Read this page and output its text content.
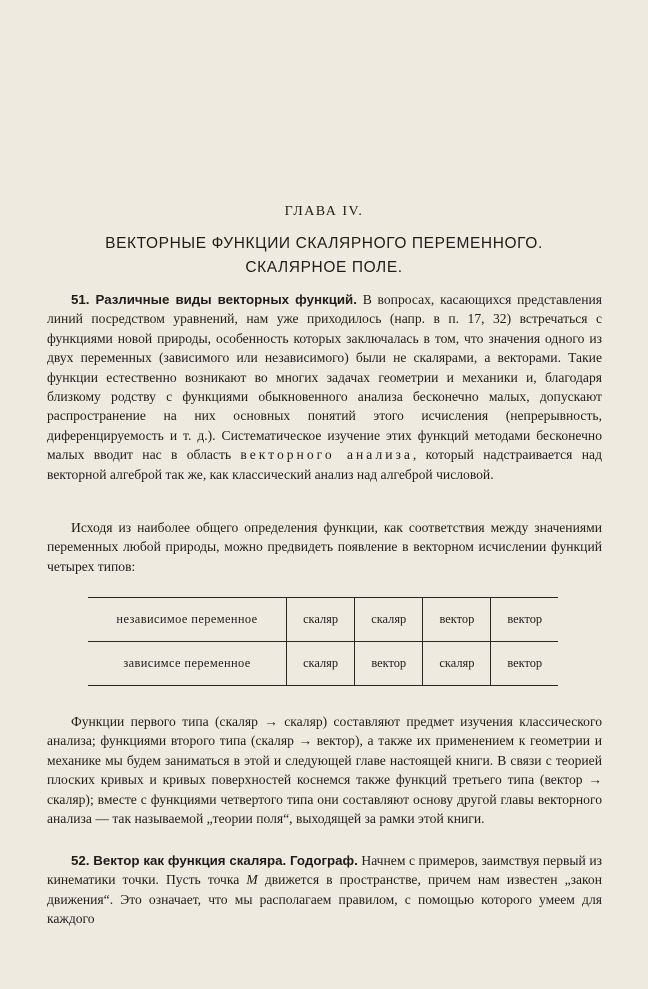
ГЛАВА IV.
ВЕКТОРНЫЕ ФУНКЦИИ СКАЛЯРНОГО ПЕРЕМЕННОГО.
СКАЛЯРНОЕ ПОЛЕ.

51. Различные виды векторных функций. В вопросах, касающихся представления линий посредством уравнений, нам уже приходилось (напр. в п. 17, 32) встречаться с функциями новой природы, особенность которых заключалась в том, что значения одного из двух переменных (зависимого или независимого) были не скалярами, а векторами. Такие функции естественно возникают во многих задачах геометрии и механики и, благодаря близкому родству с функциями обыкновенного анализа бесконечно малых, допускают распространение на них основных понятий этого исчисления (непрерывность, диференцируемость и т. д.). Систематическое изучение этих функций методами бесконечно малых вводит нас в область векторного анализа, который надстраивается над векторной алгеброй так же, как классический анализ над алгеброй числовой.

Исходя из наиболее общего определения функции, как соответствия между значениями переменных любой природы, можно предвидеть появление в векторном исчислении функций четырех типов:

независимое переменное	скаляр	скаляр	вектор	вектор
зависимсе переменное	скаляр	вектор	скаляр	вектор

Функции первого типа (скаляр → скаляр) составляют предмет изучения классического анализа; функциями второго типа (скаляр → вектор), а также их применением к геометрии и механике мы будем заниматься в этой и следующей главе настоящей книги. В связи с теорией плоских кривых и кривых поверхностей коснемся также функций третьего типа (вектор → скаляр); вместе с функциями четвертого типа они составляют основу другой главы векторного анализа — так называемой „теории поля“, выходящей за рамки этой книги.

52. Вектор как функция скаляра. Годограф. Начнем с примеров, заимствуя первый из кинематики точки. Пусть точка M движется в пространстве, причем нам известен „закон движения“. Это означает, что мы располагаем правилом, с помощью которого умеем для каждого
